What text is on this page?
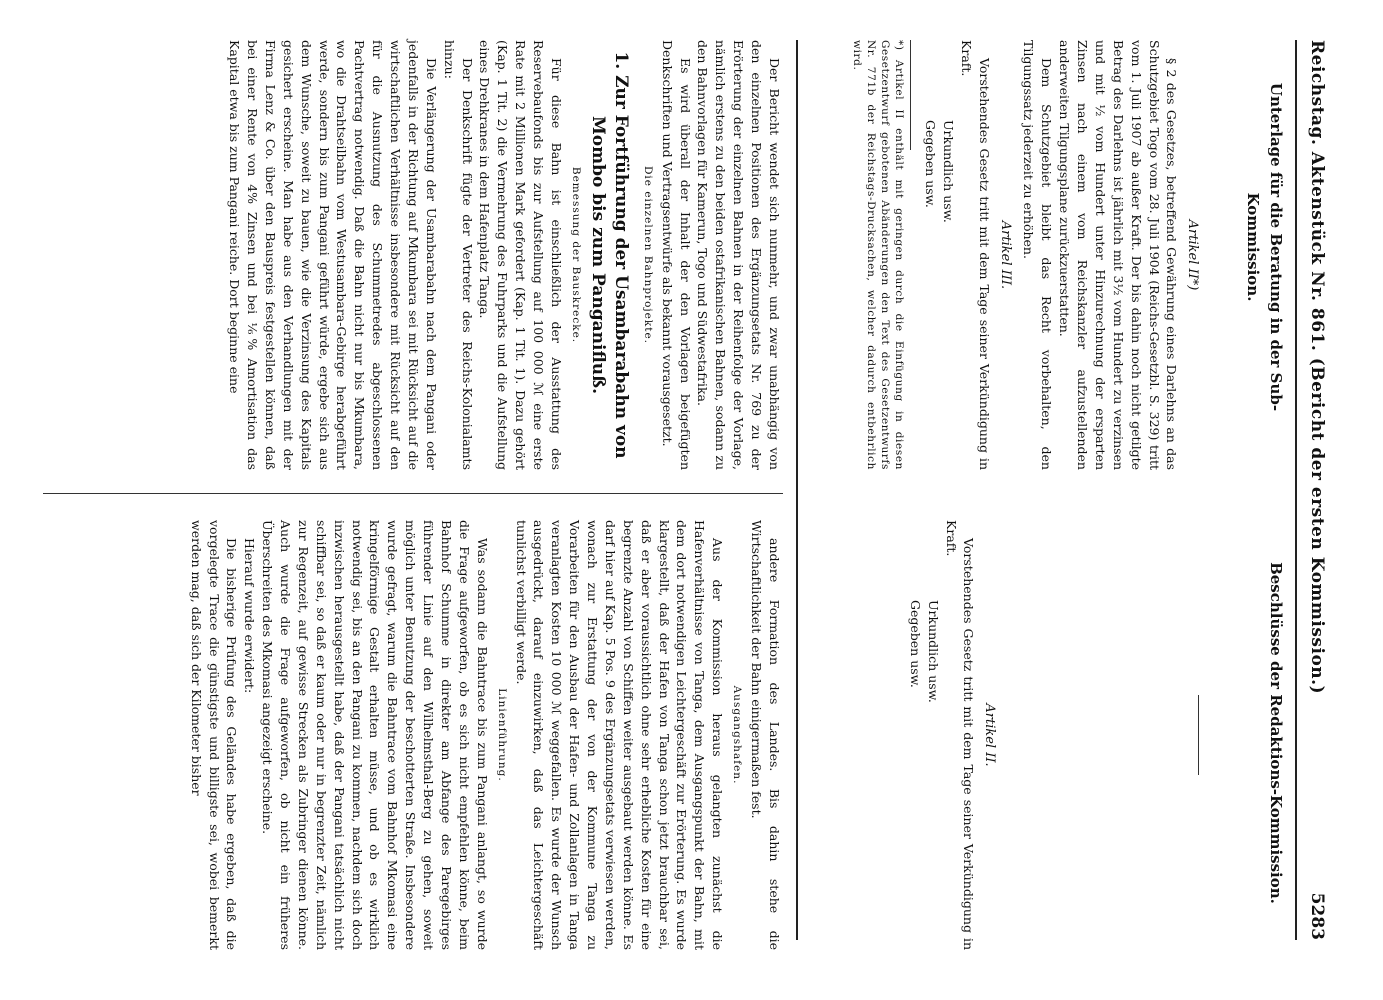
Reichstag. Aktenstück Nr. 861. (Bericht der ersten Kommission.)
5283
Unterlage für die Beratung in der Sub-Kommission.
Beschlüsse der Redaktions-Kommission.
Artikel II*)

§ 2 des Gesetzes, betreffend Gewährung eines Darlehns an das Schutzgebiet Togo vom 28. Juli 1904 (Reichs-Gesetzbl. S. 329) tritt vom 1. Juli 1907 ab außer Kraft. Der bis dahin noch nicht getilgte Betrag des Darlehns ist jährlich mit 3½ vom Hundert zu verzinsen und mit ½ vom Hundert unter Hinzurechnung der ersparten Zinsen nach einem vom Reichskanzler aufzustellenden anderweiten Tilgungsplane zurückzuerstatten.

Dem Schutzgebiet bleibt das Recht vorbehalten, den Tilgungssatz jederzeit zu erhöhen.

Artikel III.

Vorstehendes Gesetz tritt mit dem Tage seiner Verkündigung in Kraft.

Urkundlich usw.

Gegeben usw.

*) Artikel II enthält mit geringen durch die Einfügung in diesen Gesetzentwurf gebotenen Abänderungen den Text des Gesetzentwurfs Nr. 771b der Reichstags-Drucksachen, welcher dadurch entbehrlich wird.

Artikel II.

Vorstehendes Gesetz tritt mit dem Tage seiner Verkündigung in Kraft.

Urkundlich usw.

Gegeben usw.

Der Bericht wendet sich nunmehr, und zwar unabhängig von den einzelnen Positionen des Ergänzungsetats Nr. 769 zu der Erörterung der einzelnen Bahnen in der Reihenfolge der Vorlage, nämlich erstens zu den beiden ostafrikanischen Bahnen, sodann zu den Bahnvorlagen für Kamerun, Togo und Südwestafrika.

Es wird überall der Inhalt der den Vorlagen beigefügten Denkschriften und Vertragsentwürfe als bekannt vorausgesetzt.

Die einzelnen Bahnprojekte.
1. Zur Fortführung der Usambarabahn von Mombo bis zum Panganifluß.
Bemessung der Bauskrecke.

Für diese Bahn ist einschließlich der Ausstattung des Reservebaufonds bis zur Aufstellung auf 100 000 ℳ eine erste Rate mit 2 Millionen Mark gefordert (Kap. 1 Tit. 1). Dazu gehört (Kap. 1 Tit. 2) die Vermehrung des Fuhrparks und die Aufstellung eines Drehkranes in dem Hafenplatz Tanga.

Der Denkschrift fügte der Vertreter des Reichs-Kolonialamts hinzu:

Die Verlängerung der Usambarabahn nach dem Pangani oder jedenfalls in der Richtung auf Mkumbara sei mit Rücksicht auf die wirtschaftlichen Verhältnisse insbesondere mit Rücksicht auf den für die Ausnutzung des Schummetredes abgeschlossenen Pachtvertrag notwendig. Daß die Bahn nicht nur bis Mkumbara, wo die Drahtseilbahn vom Westusambara-Gebirge herabgeführt werde, sondern bis zum Pangani geführt würde, ergebe sich aus dem Wunsche, soweit zu bauen, wie die Verzinsung des Kapitals gesichert erscheine. Man habe aus den Verhandlungen mit der Firma Lenz & Co. über den Bauspreis festgestellen können, daß bei einer Rente von 4% Zinsen und bei ⅙% Amortisation das Kapital etwa bis zum Pangani reiche. Dort beginne eine

andere Formation des Landes. Bis dahin stehe die Wirtschaftlichkeit der Bahn einigermaßen fest.

Ausgangshafen.

Aus der Kommission heraus gelangten zunächst die Hafenverhältnisse von Tanga, dem Ausgangspunkt der Bahn, mit dem dort notwendigen Leichtergeschäft zur Erörterung. Es wurde klargestellt, daß der Hafen von Tanga schon jetzt brauchbar sei, daß er aber voraussichtlich ohne sehr erhebliche Kosten für eine begrenzte Anzahl von Schiffen weiter ausgebaut werden könne. Es darf hier auf Kap. 5 Pos. 9 des Ergänzungsetats verwiesen werden, wonach zur Erstattung der von der Kommune Tanga zu Vorarbeiten für den Ausbau der Hafen- und Zollanlagen in Tanga veranlagten Kosten 10 000 ℳ weggefallen. Es wurde der Wunsch ausgedrückt, darauf einzuwirken, daß das Leichtergeschäft tunlichst verbilligt werde.

Linienführung.

Was sodann die Bahntrace bis zum Pangani anlangt, so wurde die Frage aufgeworfen, ob es sich nicht empfehlen könne, beim Bahnhof Schumme in direkter am Abfange des Paregebirges führender Linie auf den Wilhelmsthal-Berg zu gehen, soweit möglich unter Benutzung der beschotterten Straße. Insbesondere wurde gefragt, warum die Bahntrace vom Bahnhof Mkomasi eine kringelförmige Gestalt erhalten müsse, und ob es wirklich notwendig sei, bis an den Pangani zu kommen, nachdem sich doch inzwischen herausgestellt habe, daß der Pangani tatsächlich nicht schiffbar sei, so daß er kaum oder nur in begrenzter Zeit, nämlich zur Regenzeit, auf gewisse Strecken als Zubringer dienen könne. Auch wurde die Frage aufgeworfen, ob nicht ein früheres Überschreiten des Mkomasi angezeigt erscheine.

Hierauf wurde erwidert:

Die bisherige Prüfung des Geländes habe ergeben, daß die vorgelegte Trace die günstigste und billigste sei, wobei bemerkt werden mag, daß sich der Kilometer bisher
